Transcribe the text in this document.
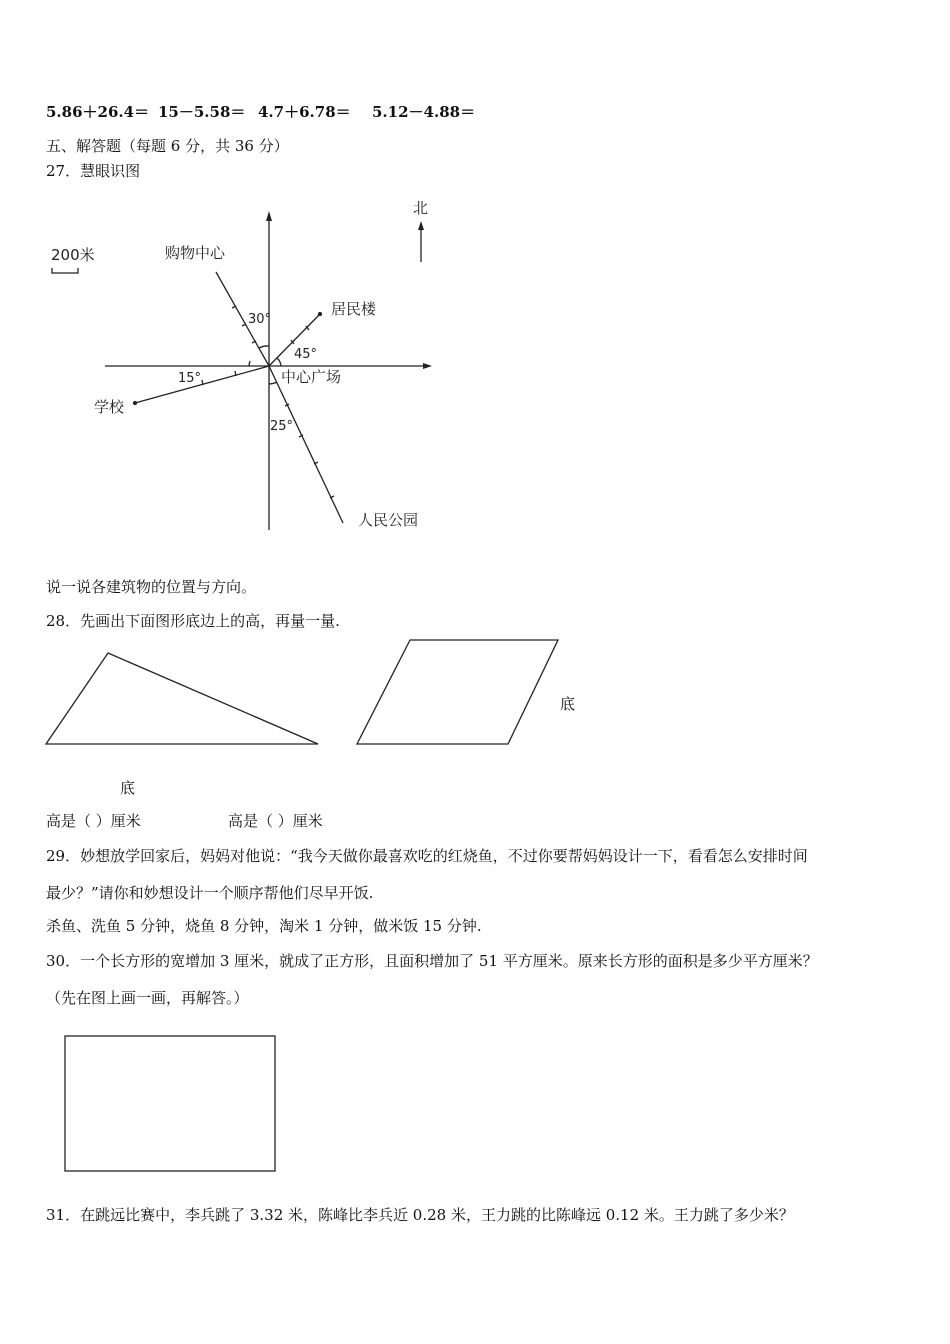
5.86＋26.4＝ 15－5.58＝ 4.7＋6.78＝ 5.12－4.88＝
五、解答题（每题 6 分，共 36 分）
27．慧眼识图
200米
北
购物中心
居民楼
学校
人民公园
中心广场
30°
45°
15°
25°
说一说各建筑物的位置与方向。
28．先画出下面图形底边上的高，再量一量.
底
底
高是（ ）厘米	高是（ ）厘米
29．妙想放学回家后，妈妈对他说：“我今天做你最喜欢吃的红烧鱼，不过你要帮妈妈设计一下，看看怎么安排时间
最少？”请你和妙想设计一个顺序帮他们尽早开饭.
杀鱼、洗鱼 5 分钟，烧鱼 8 分钟，淘米 1 分钟，做米饭 15 分钟.
30．一个长方形的宽增加 3 厘米，就成了正方形，且面积增加了 51 平方厘米。原来长方形的面积是多少平方厘米？
（先在图上画一画，再解答。）
31．在跳远比赛中，李兵跳了 3.32 米，陈峰比李兵近 0.28 米，王力跳的比陈峰远 0.12 米。王力跳了多少米？
